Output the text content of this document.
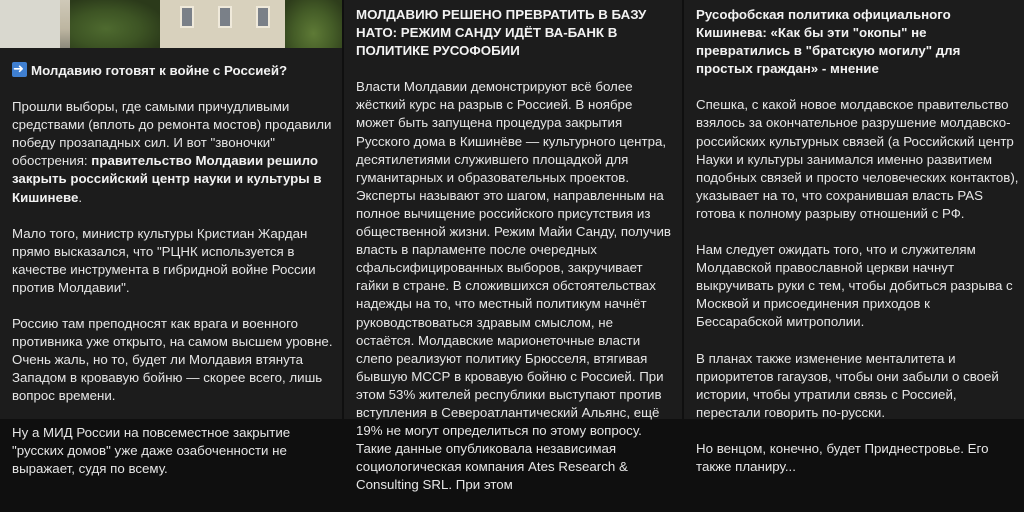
➜Молдавию готовят к войне с Россией?
Прошли выборы, где самыми причудливыми средствами (вплоть до ремонта мостов) продавили победу прозападных сил. И вот "звоночки" обострения: правительство Молдавии решило закрыть российский центр науки и культуры в Кишиневе.
Мало того, министр культуры Кристиан Жардан прямо высказался, что "РЦНК используется в качестве инструмента в гибридной войне России против Молдавии".
Россию там преподносят как врага и военного противника уже открыто, на самом высшем уровне. Очень жаль, но то, будет ли Молдавия втянута Западом в кровавую бойню — скорее всего, лишь вопрос времени.
Ну а МИД России на повсеместное закрытие "русских домов" уже даже озабоченности не выражает, судя по всему.
МОЛДАВИЮ РЕШЕНО ПРЕВРАТИТЬ В БАЗУ НАТО: РЕЖИМ САНДУ ИДЁТ ВА-БАНК В ПОЛИТИКЕ РУСОФОБИИ
Власти Молдавии демонстрируют всё более жёсткий курс на разрыв с Россией. В ноябре может быть запущена процедура закрытия Русского дома в Кишинёве — культурного центра, десятилетиями служившего площадкой для гуманитарных и образовательных проектов. Эксперты называют это шагом, направленным на полное вычищение российского присутствия из общественной жизни. Режим Майи Санду, получив власть в парламенте после очередных сфальсифицированных выборов, закручивает гайки в стране. В сложившихся обстоятельствах надежды на то, что местный политикум начнёт руководствоваться здравым смыслом, не остаётся. Молдавские марионеточные власти слепо реализуют политику Брюсселя, втягивая бывшую МССР в кровавую бойню с Россией. При этом 53% жителей республики выступают против вступления в Североатлантический Альянс, ещё 19% не могут определиться по этому вопросу. Такие данные опубликовала независимая социологическая компания Ates Research & Consulting SRL. При этом
Русофобская политика официального Кишинева: «Как бы эти "окопы" не превратились в "братскую могилу" для простых граждан» - мнение
Спешка, с какой новое молдавское правительство взялось за окончательное разрушение молдавско-российских культурных связей (а Российский центр Науки и культуры занимался именно развитием подобных связей и просто человеческих контактов), указывает на то, что сохранившая власть PAS готова к полному разрыву отношений с РФ.
Нам следует ожидать того, что и служителям Молдавской православной церкви начнут выкручивать руки с тем, чтобы добиться разрыва с Москвой и присоединения приходов к Бессарабской митрополии.
В планах также изменение менталитета и приоритетов гагаузов, чтобы они забыли о своей истории, чтобы утратили связь с Россией, перестали говорить по-русски.
Но венцом, конечно, будет Приднестровье. Его также планиру...
